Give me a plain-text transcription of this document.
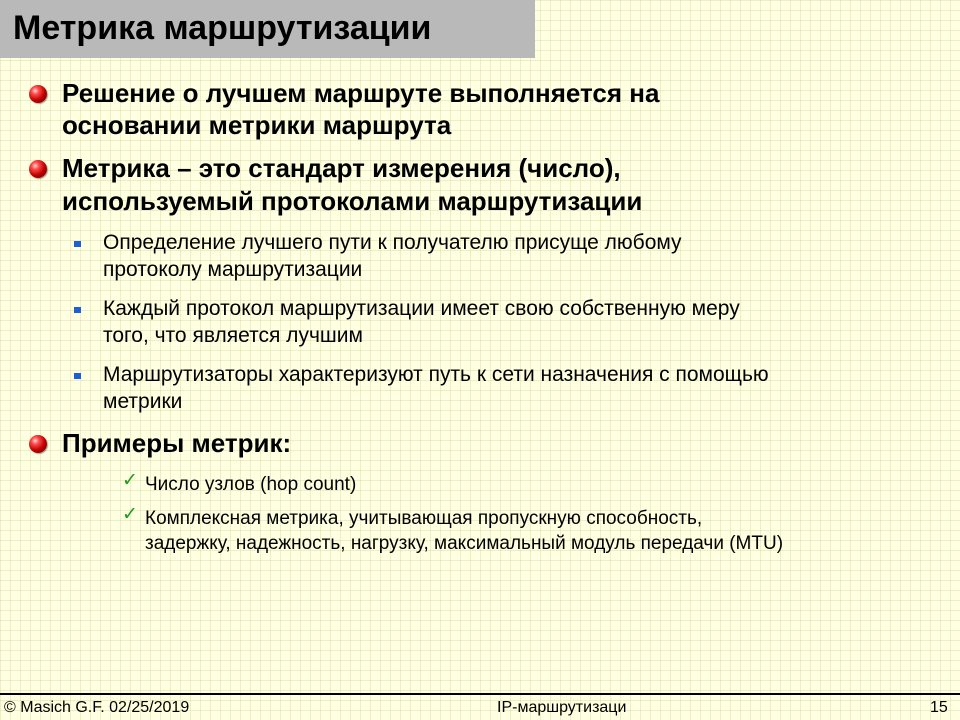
Метрика маршрутизации
Решение о лучшем маршруте выполняется на
основании метрики маршрута
Метрика – это стандарт измерения (число),
используемый протоколами маршрутизации
Определение лучшего пути к получателю присуще любому
протоколу маршрутизации
Каждый протокол маршрутизации имеет свою собственную меру
того, что является лучшим
Маршрутизаторы характеризуют путь к сети назначения с помощью
метрики
Примеры метрик:
✓ Число узлов (hop count)
✓ Комплексная метрика, учитывающая пропускную способность,
задержку, надежность, нагрузку, максимальный модуль передачи (MTU)
© Masich G.F. 02/25/2019	IP-маршрутизаци	15
